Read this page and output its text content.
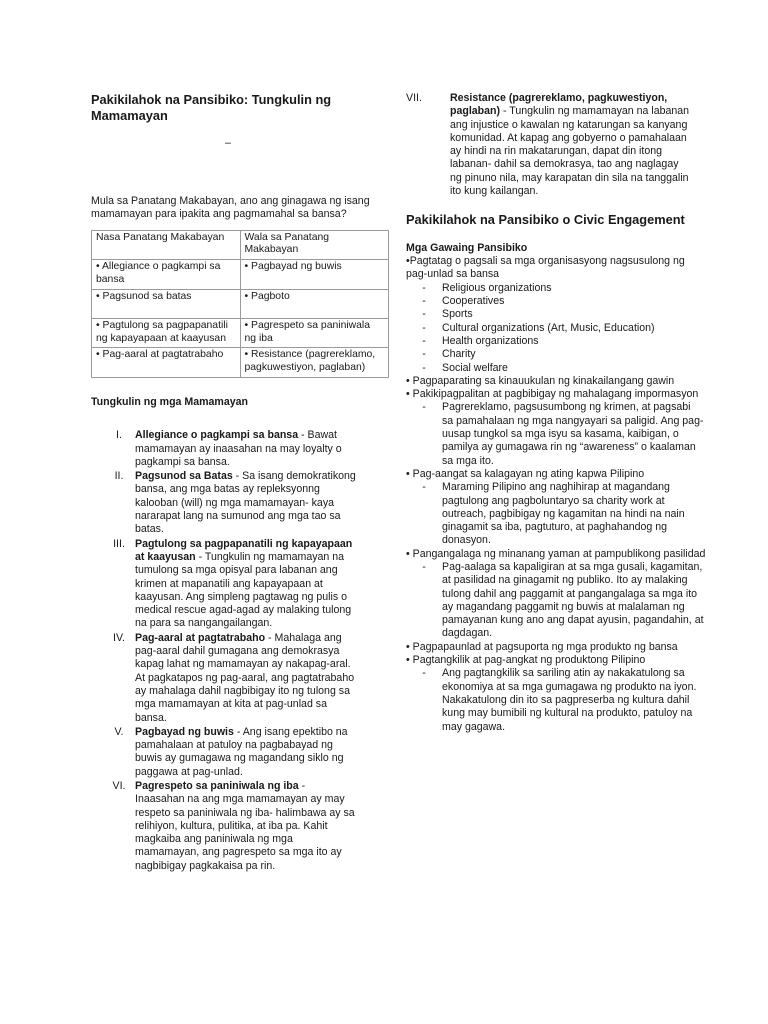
Pakikilahok na Pansibiko: Tungkulin ng Mamamayan
–
Mula sa Panatang Makabayan, ano ang ginagawa ng isang mamamayan para ipakita ang pagmamahal sa bansa?
Nasa Panatang Makabayan	Wala sa Panatang Makabayan
• Allegiance o pagkampi sa bansa	• Pagbayad ng buwis
• Pagsunod sa batas	• Pagboto
• Pagtulong sa pagpapanatili ng kapayapaan at kaayusan	• Pagrespeto sa paniniwala ng iba
• Pag-aaral at pagtatrabaho	• Resistance (pagrereklamo, pagkuwestiyon, paglaban)
Tungkulin ng mga Mamamayan
I.	Allegiance o pagkampi sa bansa - Bawat mamamayan ay inaasahan na may loyalty o pagkampi sa bansa.
II.	Pagsunod sa Batas - Sa isang demokratikong bansa, ang mga batas ay repleksyonng kalooban (will) ng mga mamamayan- kaya nararapat lang na sumunod ang mga tao sa batas.
III. Pagtulong sa pagpapanatili ng kapayapaan at kaayusan - Tungkulin ng mamamayan na tumulong sa mga opisyal para labanan ang krimen at mapanatili ang kapayapaan at kaayusan. Ang simpleng pagtawag ng pulis o medical rescue agad-agad ay malaking tulong na para sa nangangailangan.
IV. Pag-aaral at pagtatrabaho - Mahalaga ang pag-aaral dahil gumagana ang demokrasya kapag lahat ng mamamayan ay nakapag-aral. At pagkatapos ng pag-aaral, ang pagtatrabaho ay mahalaga dahil nagbibigay ito ng tulong sa mga mamamayan at kita at pag-unlad sa bansa.
V.	Pagbayad ng buwis - Ang isang epektibo na pamahalaan at patuloy na pagbabayad ng buwis ay gumagawa ng magandang siklo ng paggawa at pag-unlad.
VI. Pagrespeto sa paniniwala ng iba - Inaasahan na ang mga mamamayan ay may respeto sa paniniwala ng iba- halimbawa ay sa relihiyon, kultura, pulitika, at iba pa. Kahit magkaiba ang paniniwala ng mga mamamayan, ang pagrespeto sa mga ito ay nagbibigay pagkakaisa pa rin.
VII.	Resistance (pagrereklamo, pagkuwestiyon, paglaban) - Tungkulin ng mamamayan na labanan ang injustice o kawalan ng katarungan sa kanyang komunidad. At kapag ang gobyerno o pamahalaan ay hindi na rin makatarungan, dapat din itong labanan- dahil sa demokrasya, tao ang naglagay ng pinuno nila, may karapatan din sila na tanggalin ito kung kailangan.
Pakikilahok na Pansibiko o Civic Engagement
Mga Gawaing Pansibiko
•Pagtatag o pagsali sa mga organisasyong nagsusulong ng pag-unlad sa bansa
-	Religious organizations
-	Cooperatives
-	Sports
-	Cultural organizations (Art, Music, Education)
-	Health organizations
-	Charity
-	Social welfare
• Pagpaparating sa kinauukulan ng kinakailangang gawin
• Pakikipagpalitan at pagbibigay ng mahalagang impormasyon
-	Pagrereklamo, pagsusumbong ng krimen, at pagsabi sa pamahalaan ng mga nangyayari sa paligid. Ang pag-uusap tungkol sa mga isyu sa kasama, kaibigan, o pamilya ay gumagawa rin ng “awareness” o kaalaman sa mga ito.
• Pag-aangat sa kalagayan ng ating kapwa Pilipino
-	Maraming Pilipino ang naghihirap at magandang pagtulong ang pagboluntaryo sa charity work at outreach, pagbibigay ng kagamitan na hindi na nain ginagamit sa iba, pagtuturo, at paghahandog ng donasyon.
• Pangangalaga ng minanang yaman at pampublikong pasilidad
-	Pag-aalaga sa kapaligiran at sa mga gusali, kagamitan, at pasilidad na ginagamit ng publiko. Ito ay malaking tulong dahil ang paggamit at pangangalaga sa mga ito ay magandang paggamit ng buwis at malalaman ng pamayanan kung ano ang dapat ayusin, pagandahin, at dagdagan.
• Pagpapaunlad at pagsuporta ng mga produkto ng bansa
• Pagtangkilik at pag-angkat ng produktong Pilipino
-	Ang pagtangkilik sa sariling atin ay nakakatulong sa ekonomiya at sa mga gumagawa ng produkto na iyon. Nakakatulong din ito sa pagpreserba ng kultura dahil kung may bumibili ng kultural na produkto, patuloy na may gagawa.
